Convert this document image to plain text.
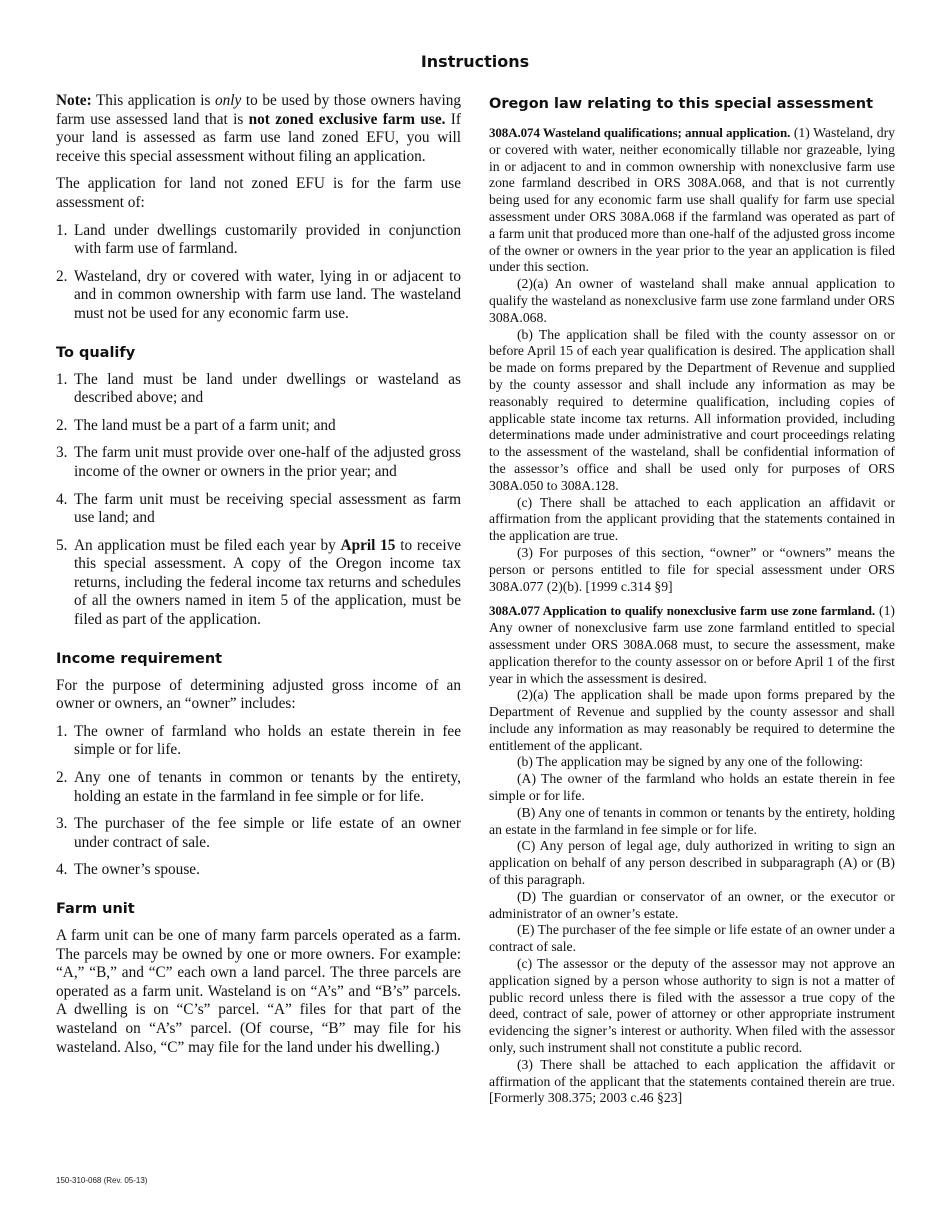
Instructions

Note: This application is only to be used by those owners having farm use assessed land that is not zoned exclusive farm use. If your land is assessed as farm use land zoned EFU, you will receive this special assessment without filing an application.

The application for land not zoned EFU is for the farm use assessment of:

1. Land under dwellings customarily provided in conjunction with farm use of farmland.
2. Wasteland, dry or covered with water, lying in or adjacent to and in common ownership with farm use land. The wasteland must not be used for any economic farm use.
To qualify
1. The land must be land under dwellings or wasteland as described above; and
2. The land must be a part of a farm unit; and
3. The farm unit must provide over one-half of the adjusted gross income of the owner or owners in the prior year; and
4. The farm unit must be receiving special assessment as farm use land; and
5. An application must be filed each year by April 15 to receive this special assessment. A copy of the Oregon income tax returns, including the federal income tax returns and schedules of all the owners named in item 5 of the application, must be filed as part of the application.
Income requirement

For the purpose of determining adjusted gross income of an owner or owners, an “owner” includes:

1. The owner of farmland who holds an estate therein in fee simple or for life.
2. Any one of tenants in common or tenants by the entirety, holding an estate in the farmland in fee simple or for life.
3. The purchaser of the fee simple or life estate of an owner under contract of sale.
4. The owner’s spouse.
Farm unit

A farm unit can be one of many farm parcels operated as a farm. The parcels may be owned by one or more owners. For example: “A,” “B,” and “C” each own a land parcel. The three parcels are operated as a farm unit. Wasteland is on “A’s” and “B’s” parcels. A dwelling is on “C’s” parcel. “A” files for that part of the wasteland on “A’s” parcel. (Of course, “B” may file for his wasteland. Also, “C” may file for the land under his dwelling.)

Oregon law relating to this special assessment

308A.074 Wasteland qualifications; annual application. (1) Wasteland, dry or covered with water, neither economically tillable nor grazeable, lying in or adjacent to and in common ownership with nonexclusive farm use zone farmland described in ORS 308A.068, and that is not currently being used for any economic farm use shall qualify for farm use special assessment under ORS 308A.068 if the farmland was operated as part of a farm unit that produced more than one-half of the adjusted gross income of the owner or owners in the year prior to the year an application is filed under this section.

(2)(a) An owner of wasteland shall make annual application to qualify the wasteland as nonexclusive farm use zone farmland under ORS 308A.068.

(b) The application shall be filed with the county assessor on or before April 15 of each year qualification is desired. The application shall be made on forms prepared by the Department of Revenue and supplied by the county assessor and shall include any information as may be reasonably required to determine qualification, including copies of applicable state income tax returns. All information provided, including determinations made under administrative and court proceedings relating to the assessment of the wasteland, shall be confidential information of the assessor’s office and shall be used only for purposes of ORS 308A.050 to 308A.128.

(c) There shall be attached to each application an affidavit or affirmation from the applicant providing that the statements contained in the application are true.

(3) For purposes of this section, “owner” or “owners” means the person or persons entitled to file for special assessment under ORS 308A.077 (2)(b). [1999 c.314 §9]

308A.077 Application to qualify nonexclusive farm use zone farmland. (1) Any owner of nonexclusive farm use zone farmland entitled to special assessment under ORS 308A.068 must, to secure the assessment, make application therefor to the county assessor on or before April 1 of the first year in which the assessment is desired.

(2)(a) The application shall be made upon forms prepared by the Department of Revenue and supplied by the county assessor and shall include any information as may reasonably be required to determine the entitlement of the applicant.

(b) The application may be signed by any one of the following:

(A) The owner of the farmland who holds an estate therein in fee simple or for life.

(B) Any one of tenants in common or tenants by the entirety, holding an estate in the farmland in fee simple or for life.

(C) Any person of legal age, duly authorized in writing to sign an application on behalf of any person described in subparagraph (A) or (B) of this paragraph.

(D) The guardian or conservator of an owner, or the executor or administrator of an owner’s estate.

(E) The purchaser of the fee simple or life estate of an owner under a contract of sale.

(c) The assessor or the deputy of the assessor may not approve an application signed by a person whose authority to sign is not a matter of public record unless there is filed with the assessor a true copy of the deed, contract of sale, power of attorney or other appropriate instrument evidencing the signer’s interest or authority. When filed with the assessor only, such instrument shall not constitute a public record.

(3) There shall be attached to each application the affidavit or affirmation of the applicant that the statements contained therein are true. [Formerly 308.375; 2003 c.46 §23]

150-310-068 (Rev. 05-13)
